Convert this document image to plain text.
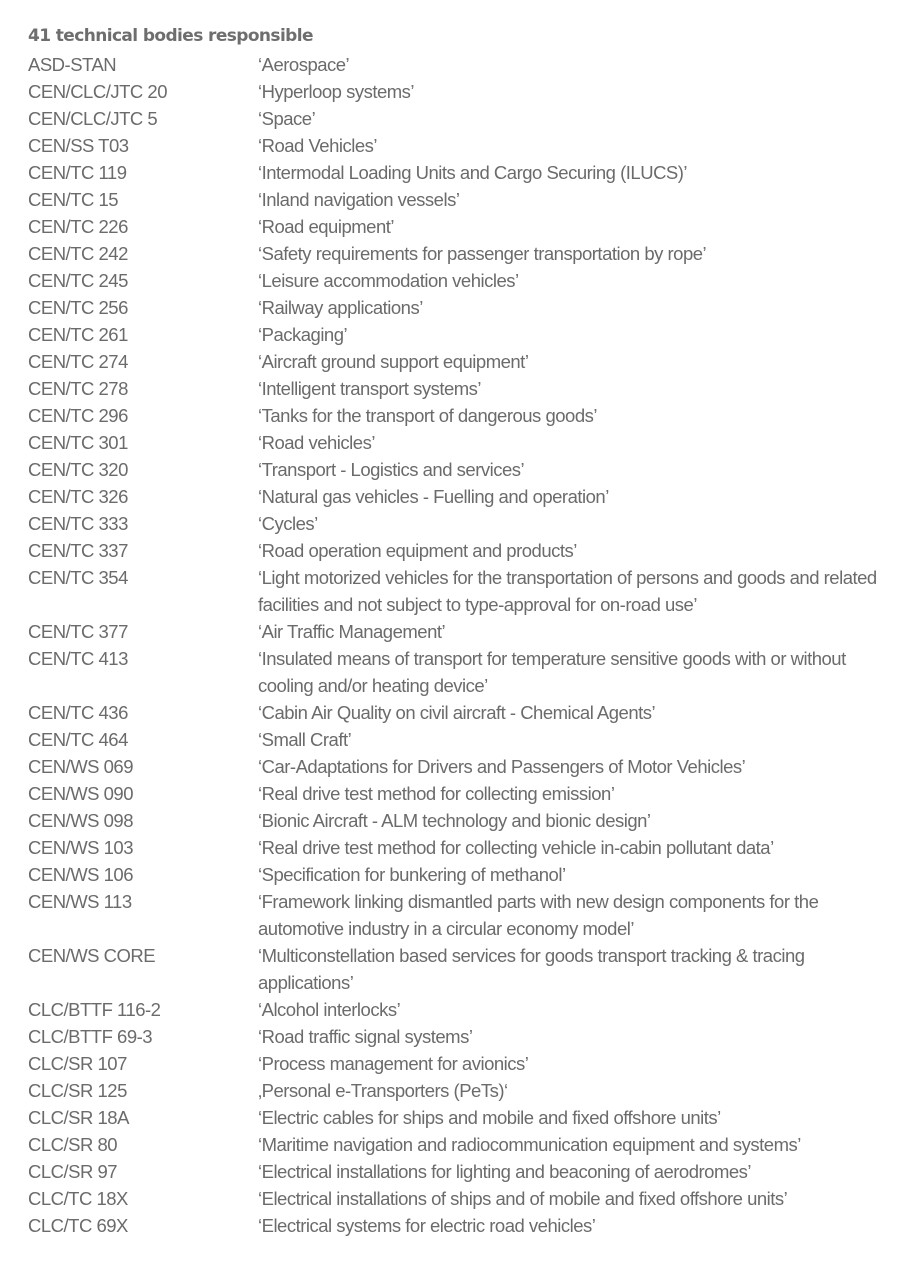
41 technical bodies responsible
ASD-STAN	‘Aerospace’
CEN/CLC/JTC 20	‘Hyperloop systems’
CEN/CLC/JTC 5	‘Space’
CEN/SS T03	‘Road Vehicles’
CEN/TC 119	‘Intermodal Loading Units and Cargo Securing (ILUCS)’
CEN/TC 15	‘Inland navigation vessels’
CEN/TC 226	‘Road equipment’
CEN/TC 242	‘Safety requirements for passenger transportation by rope’
CEN/TC 245	‘Leisure accommodation vehicles’
CEN/TC 256	‘Railway applications’
CEN/TC 261	‘Packaging’
CEN/TC 274	‘Aircraft ground support equipment’
CEN/TC 278	‘Intelligent transport systems’
CEN/TC 296	‘Tanks for the transport of dangerous goods’
CEN/TC 301	‘Road vehicles’
CEN/TC 320	‘Transport - Logistics and services’
CEN/TC 326	‘Natural gas vehicles - Fuelling and operation’
CEN/TC 333	‘Cycles’
CEN/TC 337	‘Road operation equipment and products’
CEN/TC 354	‘Light motorized vehicles for the transportation of persons and goods and related facilities and not subject to type-approval for on-road use’
CEN/TC 377	‘Air Traffic Management’
CEN/TC 413	‘Insulated means of transport for temperature sensitive goods with or without cooling and/or heating device’
CEN/TC 436	‘Cabin Air Quality on civil aircraft - Chemical Agents’
CEN/TC 464	‘Small Craft’
CEN/WS 069	‘Car-Adaptations for Drivers and Passengers of Motor Vehicles’
CEN/WS 090	‘Real drive test method for collecting emission’
CEN/WS 098	‘Bionic Aircraft - ALM technology and bionic design’
CEN/WS 103	‘Real drive test method for collecting vehicle in-cabin pollutant data’
CEN/WS 106	‘Specification for bunkering of methanol’
CEN/WS 113	‘Framework linking dismantled parts with new design components for the automotive industry in a circular economy model’
CEN/WS CORE	‘Multiconstellation based services for goods transport tracking & tracing applications’
CLC/BTTF 116-2	‘Alcohol interlocks’
CLC/BTTF 69-3	‘Road traffic signal systems’
CLC/SR 107	‘Process management for avionics’
CLC/SR 125	‚Personal e-Transporters (PeTs)‘
CLC/SR 18A	‘Electric cables for ships and mobile and fixed offshore units’
CLC/SR 80	‘Maritime navigation and radiocommunication equipment and systems’
CLC/SR 97	‘Electrical installations for lighting and beaconing of aerodromes’
CLC/TC 18X	‘Electrical installations of ships and of mobile and fixed offshore units’
CLC/TC 69X	‘Electrical systems for electric road vehicles’
